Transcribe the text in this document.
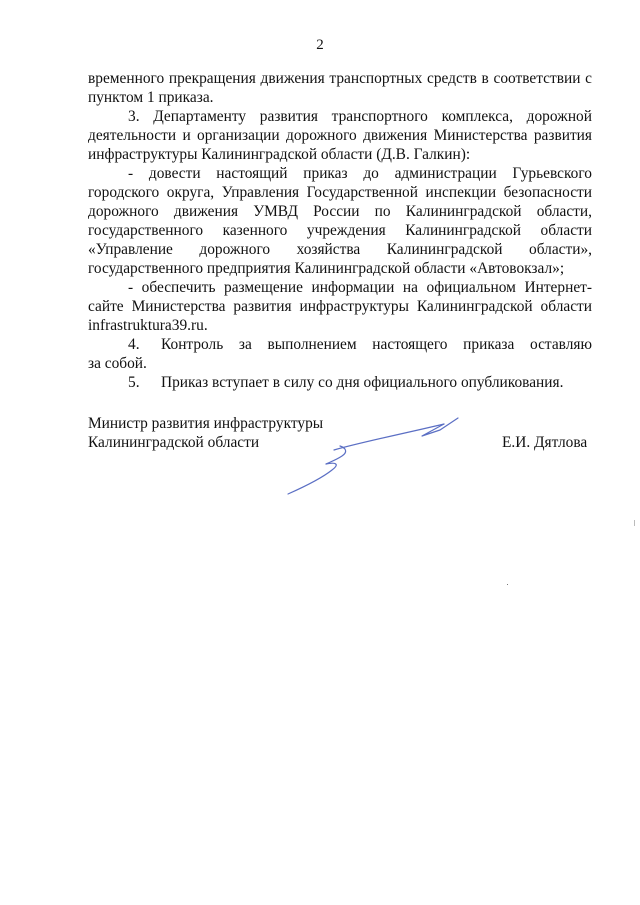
2

временного прекращения движения транспортных средств в соответствии с пунктом 1 приказа.

3. Департаменту развития транспортного комплекса, дорожной деятельности и организации дорожного движения Министерства развития инфраструктуры Калининградской области (Д.В. Галкин):

- довести настоящий приказ до администрации Гурьевского городского округа, Управления Государственной инспекции безопасности дорожного движения УМВД России по Калининградской области, государственного казенного учреждения Калининградской области «Управление дорожного хозяйства Калининградской области», государственного предприятия Калининградской области «Автовокзал»;

- обеспечить размещение информации на официальном Интернет-сайте Министерства развития инфраструктуры Калининградской области infrastruktura39.ru.

4.	Контроль за выполнением настоящего приказа оставляю
за собой.
5.	Приказ вступает в силу со дня официального опубликования.
Министр развития инфраструктуры
Калининградской области	Е.И. Дятлова
